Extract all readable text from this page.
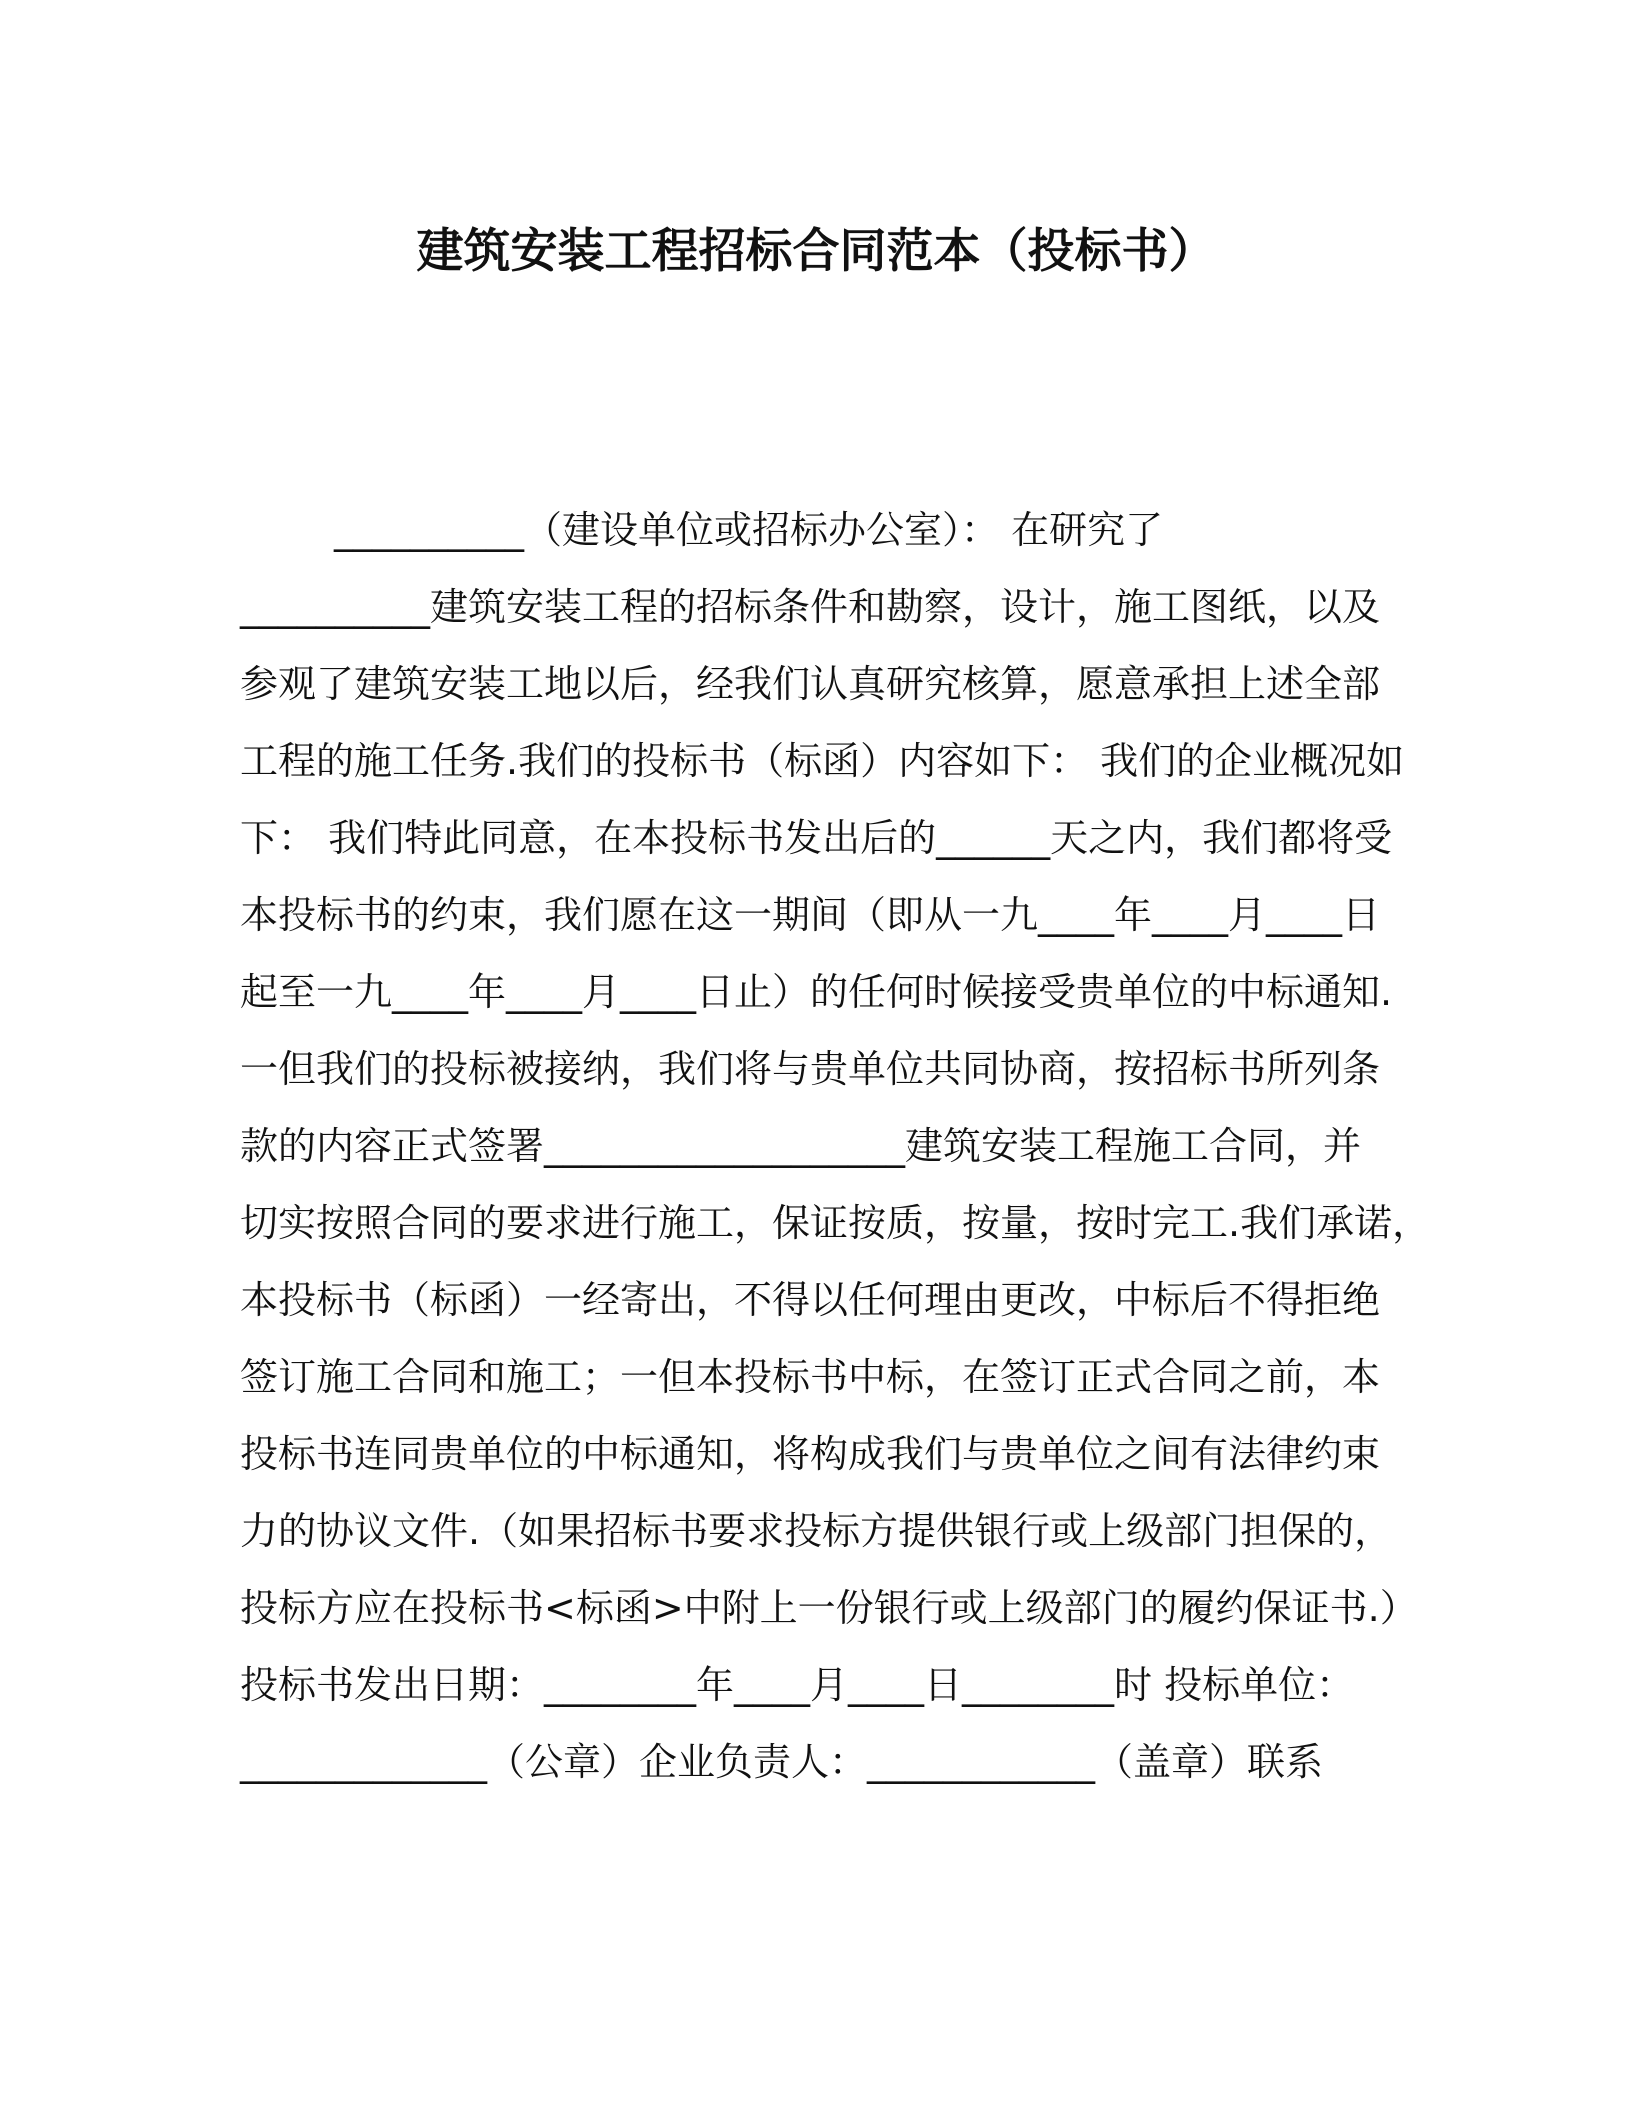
建筑安装工程招标合同范本（投标书）
__________（建设单位或招标办公室）： 在研究了
__________建筑安装工程的招标条件和勘察，设计，施工图纸，以及
参观了建筑安装工地以后，经我们认真研究核算，愿意承担上述全部
工程的施工任务.我们的投标书（标函）内容如下： 我们的企业概况如
下： 我们特此同意，在本投标书发出后的______天之内，我们都将受
本投标书的约束，我们愿在这一期间（即从一九____年____月____日
起至一九____年____月____日止）的任何时候接受贵单位的中标通知.
一但我们的投标被接纳，我们将与贵单位共同协商，按招标书所列条
款的内容正式签署___________________建筑安装工程施工合同，并
切实按照合同的要求进行施工，保证按质，按量，按时完工.我们承诺，
本投标书（标函）一经寄出，不得以任何理由更改，中标后不得拒绝
签订施工合同和施工；一但本投标书中标，在签订正式合同之前，本
投标书连同贵单位的中标通知，将构成我们与贵单位之间有法律约束
力的协议文件.（如果招标书要求投标方提供银行或上级部门担保的，
投标方应在投标书<标函>中附上一份银行或上级部门的履约保证书.）
投标书发出日期：________年____月____日________时 投标单位：
_____________（公章）企业负责人：____________（盖章）联系
